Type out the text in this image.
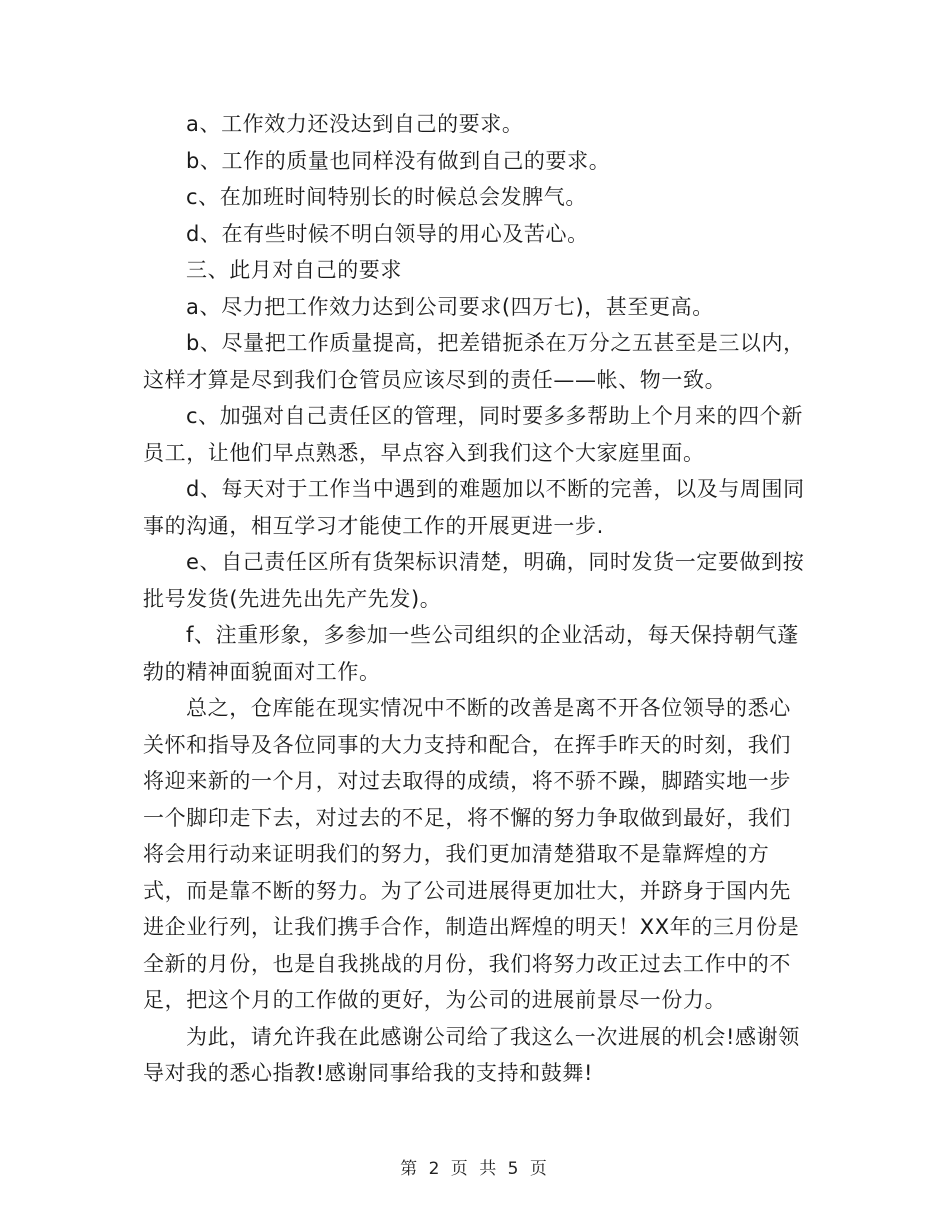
a、工作效力还没达到自己的要求。

b、工作的质量也同样没有做到自己的要求。

c、在加班时间特别长的时候总会发脾气。

d、在有些时候不明白领导的用心及苦心。

三、此月对自己的要求

a、尽力把工作效力达到公司要求(四万七)，甚至更高。

b、尽量把工作质量提高，把差错扼杀在万分之五甚至是三以内，这样才算是尽到我们仓管员应该尽到的责任——帐、物一致。

c、加强对自己责任区的管理，同时要多多帮助上个月来的四个新员工，让他们早点熟悉，早点容入到我们这个大家庭里面。

d、每天对于工作当中遇到的难题加以不断的完善，以及与周围同事的沟通，相互学习才能使工作的开展更进一步.

e、自己责任区所有货架标识清楚，明确，同时发货一定要做到按批号发货(先进先出先产先发)。

f、注重形象，多参加一些公司组织的企业活动，每天保持朝气蓬勃的精神面貌面对工作。

总之，仓库能在现实情况中不断的改善是离不开各位领导的悉心关怀和指导及各位同事的大力支持和配合，在挥手昨天的时刻，我们将迎来新的一个月，对过去取得的成绩，将不骄不躁，脚踏实地一步一个脚印走下去，对过去的不足，将不懈的努力争取做到最好，我们将会用行动来证明我们的努力，我们更加清楚猎取不是靠辉煌的方式，而是靠不断的努力。为了公司进展得更加壮大，并跻身于国内先进企业行列，让我们携手合作，制造出辉煌的明天！XX年的三月份是全新的月份，也是自我挑战的月份，我们将努力改正过去工作中的不足，把这个月的工作做的更好，为公司的进展前景尽一份力。

为此，请允许我在此感谢公司给了我这么一次进展的机会!感谢领导对我的悉心指教!感谢同事给我的支持和鼓舞!

第 2 页 共 5 页
